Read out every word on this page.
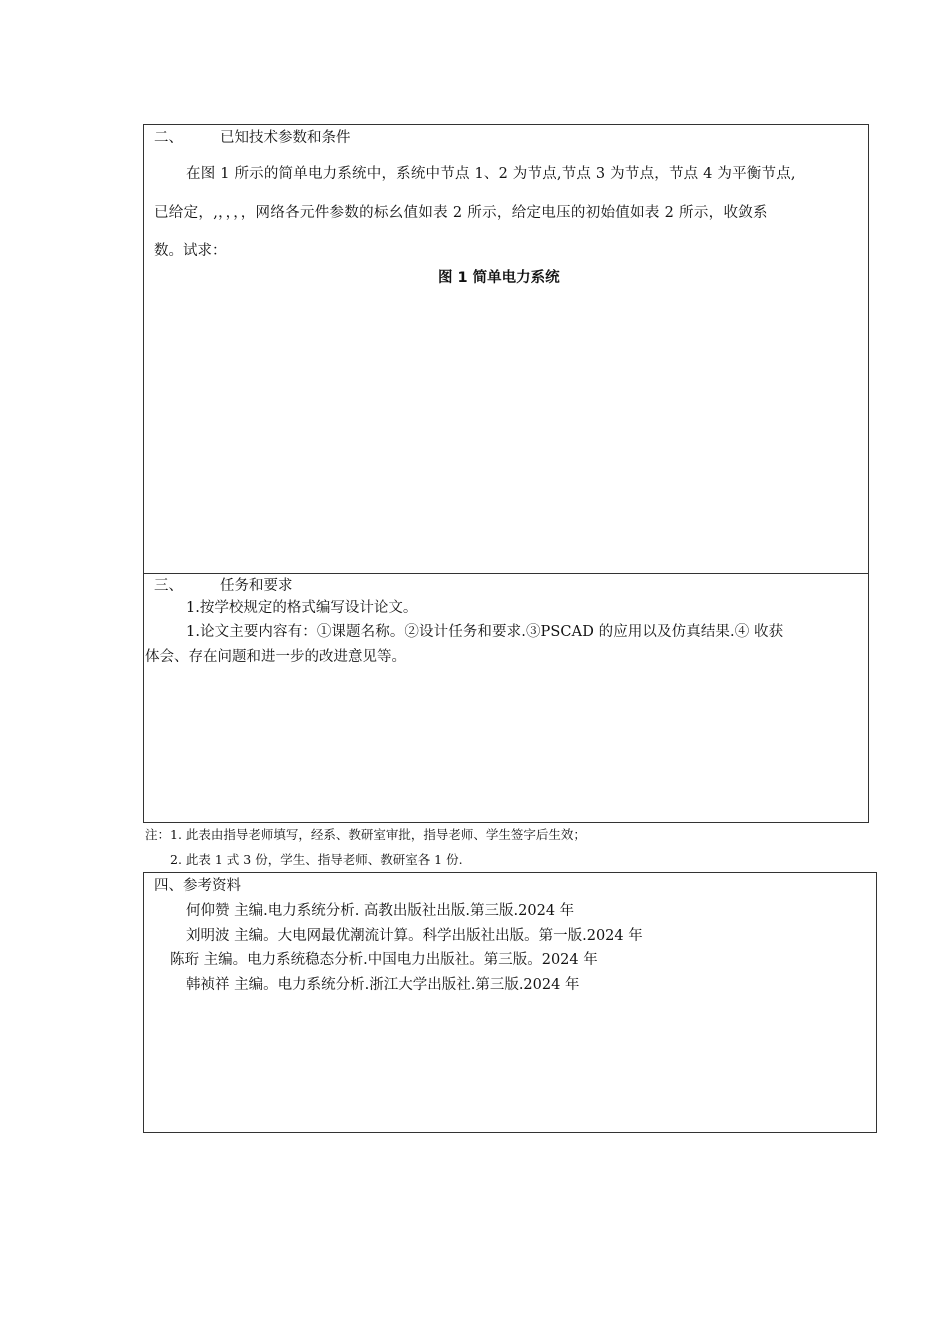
二、	已知技术参数和条件
在图 1 所示的简单电力系统中，系统中节点 1、2 为节点,节点 3 为节点，节点 4 为平衡节点,
已给定，,，，，，网络各元件参数的标幺值如表 2 所示，给定电压的初始值如表 2 所示，收敛系
数。试求：
图 1 简单电力系统
三、	任务和要求
1.按学校规定的格式编写设计论文。
1.论文主要内容有：①课题名称。②设计任务和要求.③PSCAD 的应用以及仿真结果.④ 收获
体会、存在问题和进一步的改进意见等。
注：1. 此表由指导老师填写，经系、教研室审批，指导老师、学生签字后生效；
2. 此表 1 式 3 份，学生、指导老师、教研室各 1 份.
四、参考资料
何仰赞 主编.电力系统分析. 高教出版社出版.第三版.2024 年
刘明波 主编。大电网最优潮流计算。科学出版社出版。第一版.2024 年
陈珩 主编。电力系统稳态分析.中国电力出版社。第三版。2024 年
韩祯祥 主编。电力系统分析.浙江大学出版社.第三版.2024 年
